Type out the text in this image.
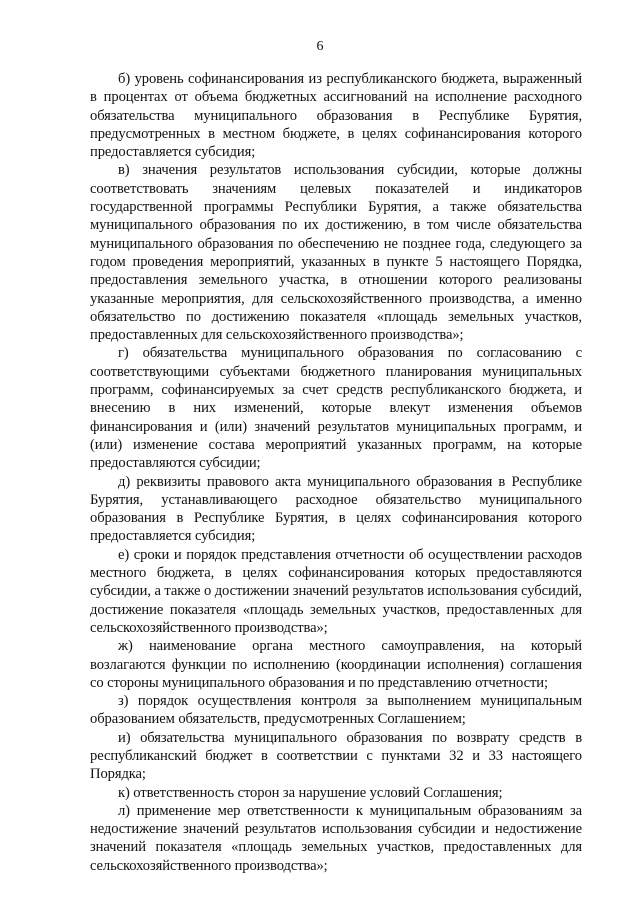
6

б) уровень софинансирования из республиканского бюджета, выраженный в процентах от объема бюджетных ассигнований на исполнение расходного обязательства муниципального образования в Республике Бурятия, предусмотренных в местном бюджете, в целях софинансирования которого предоставляется субсидия;

в) значения результатов использования субсидии, которые должны соответствовать значениям целевых показателей и индикаторов государственной программы Республики Бурятия, а также обязательства муниципального образования по их достижению, в том числе обязательства муниципального образования по обеспечению не позднее года, следующего за годом проведения мероприятий, указанных в пункте 5 настоящего Порядка, предоставления земельного участка, в отношении которого реализованы указанные мероприятия, для сельскохозяйственного производства, а именно обязательство по достижению показателя «площадь земельных участков, предоставленных для сельскохозяйственного производства»;

г) обязательства муниципального образования по согласованию с соответствующими субъектами бюджетного планирования муниципальных программ, софинансируемых за счет средств республиканского бюджета, и внесению в них изменений, которые влекут изменения объемов финансирования и (или) значений результатов муниципальных программ, и (или) изменение состава мероприятий указанных программ, на которые предоставляются субсидии;

д) реквизиты правового акта муниципального образования в Республике Бурятия, устанавливающего расходное обязательство муниципального образования в Республике Бурятия, в целях софинансирования которого предоставляется субсидия;

е) сроки и порядок представления отчетности об осуществлении расходов местного бюджета, в целях софинансирования которых предоставляются субсидии, а также о достижении значений результатов использования субсидий, достижение показателя «площадь земельных участков, предоставленных для сельскохозяйственного производства»;

ж) наименование органа местного самоуправления, на который возлагаются функции по исполнению (координации исполнения) соглашения со стороны муниципального образования и по представлению отчетности;

з) порядок осуществления контроля за выполнением муниципальным образованием обязательств, предусмотренных Соглашением;

и) обязательства муниципального образования по возврату средств в республиканский бюджет в соответствии с пунктами 32 и 33 настоящего Порядка;

к) ответственность сторон за нарушение условий Соглашения;

л) применение мер ответственности к муниципальным образованиям за недостижение значений результатов использования субсидии и недостижение значений показателя «площадь земельных участков, предоставленных для сельскохозяйственного производства»;
